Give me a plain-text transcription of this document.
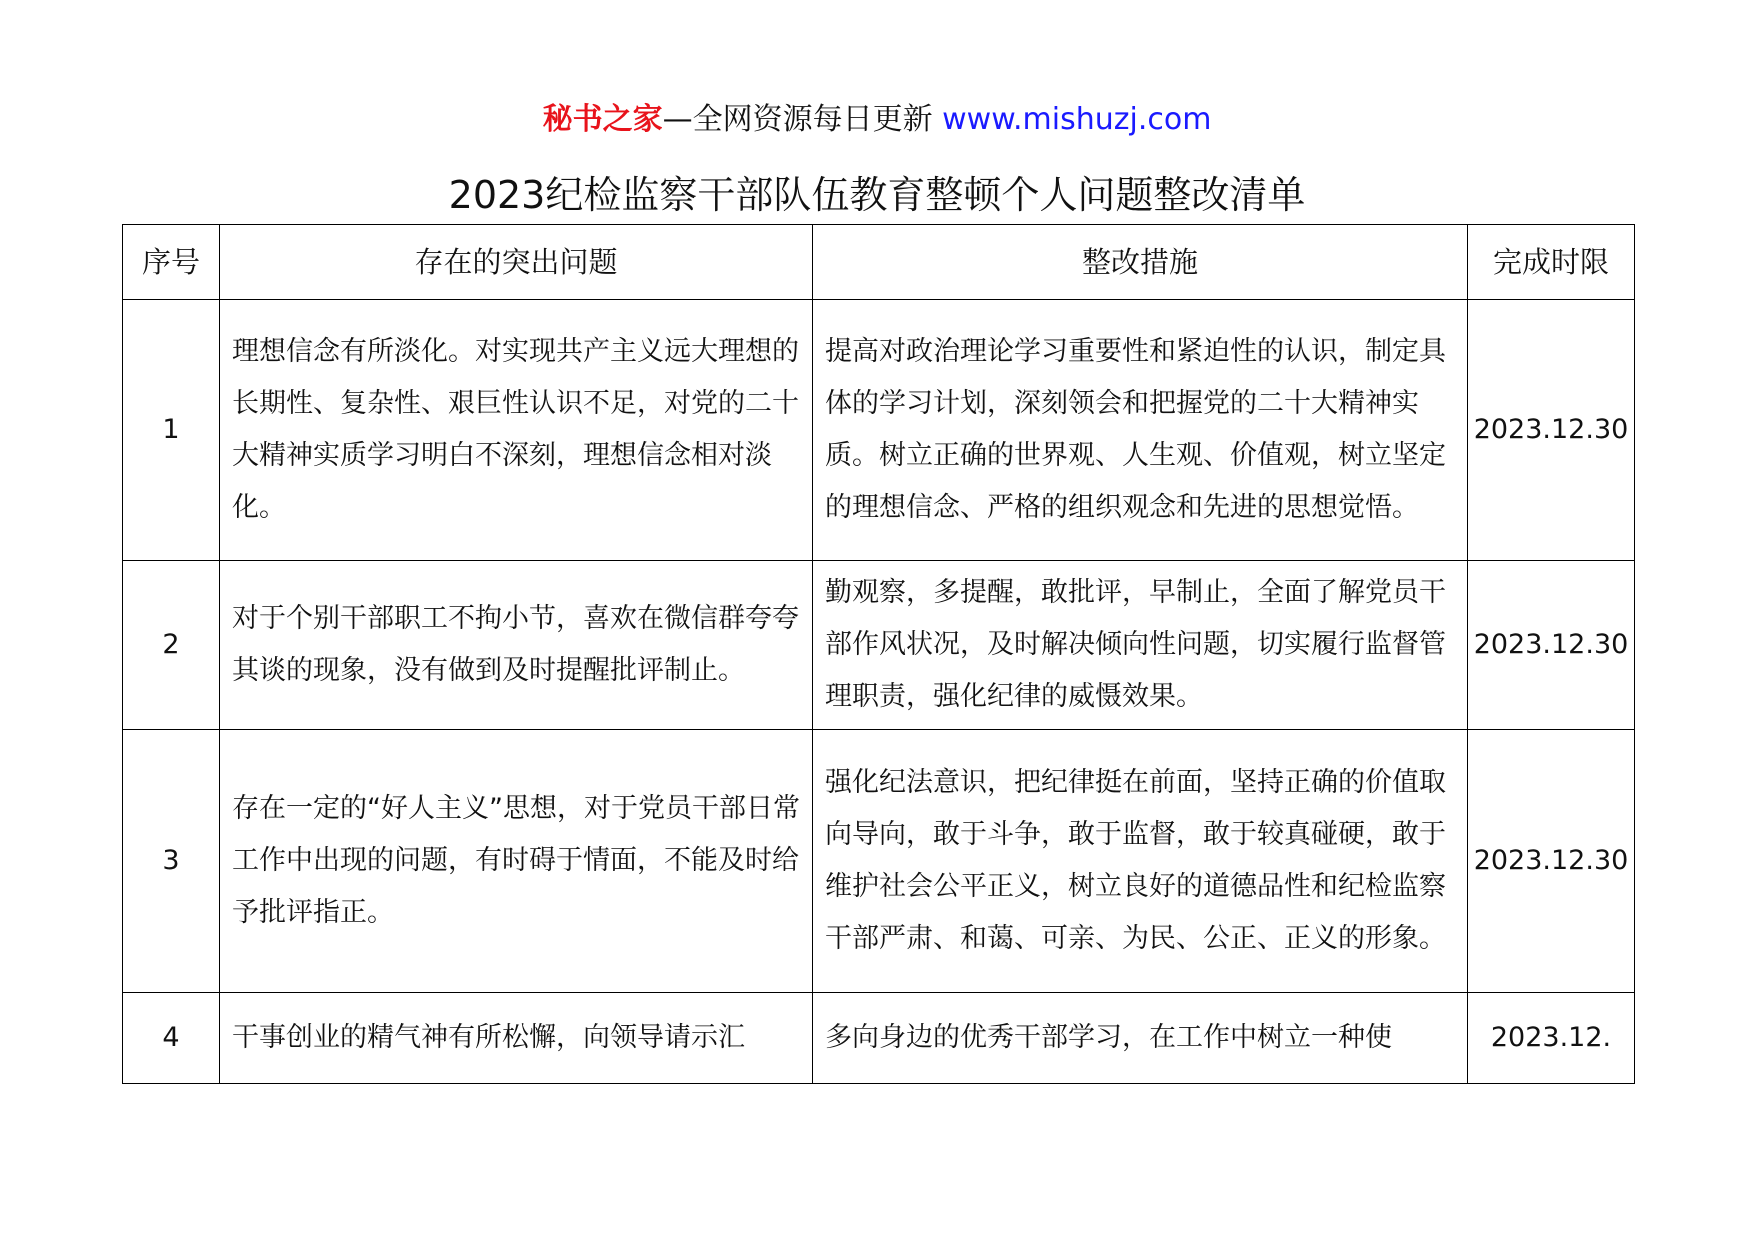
秘书之家—全网资源每日更新 www.mishuzj.com
2023纪检监察干部队伍教育整顿个人问题整改清单
序号	存在的突出问题	整改措施	完成时限
1	理想信念有所淡化。对实现共产主义远大理想的长期性、复杂性、艰巨性认识不足，对党的二十大精神实质学习明白不深刻，理想信念相对淡化。	提高对政治理论学习重要性和紧迫性的认识，制定具体的学习计划，深刻领会和把握党的二十大精神实质。树立正确的世界观、人生观、价值观，树立坚定的理想信念、严格的组织观念和先进的思想觉悟。	2023.12.30
2	对于个别干部职工不拘小节，喜欢在微信群夸夸其谈的现象，没有做到及时提醒批评制止。	勤观察，多提醒，敢批评，早制止，全面了解党员干部作风状况，及时解决倾向性问题，切实履行监督管理职责，强化纪律的威慑效果。	2023.12.30
3	存在一定的“好人主义”思想，对于党员干部日常工作中出现的问题，有时碍于情面，不能及时给予批评指正。	强化纪法意识，把纪律挺在前面，坚持正确的价值取向导向，敢于斗争，敢于监督，敢于较真碰硬，敢于维护社会公平正义，树立良好的道德品性和纪检监察干部严肃、和蔼、可亲、为民、公正、正义的形象。	2023.12.30
4	干事创业的精气神有所松懈，向领导请示汇	多向身边的优秀干部学习，在工作中树立一种使	2023.12.
